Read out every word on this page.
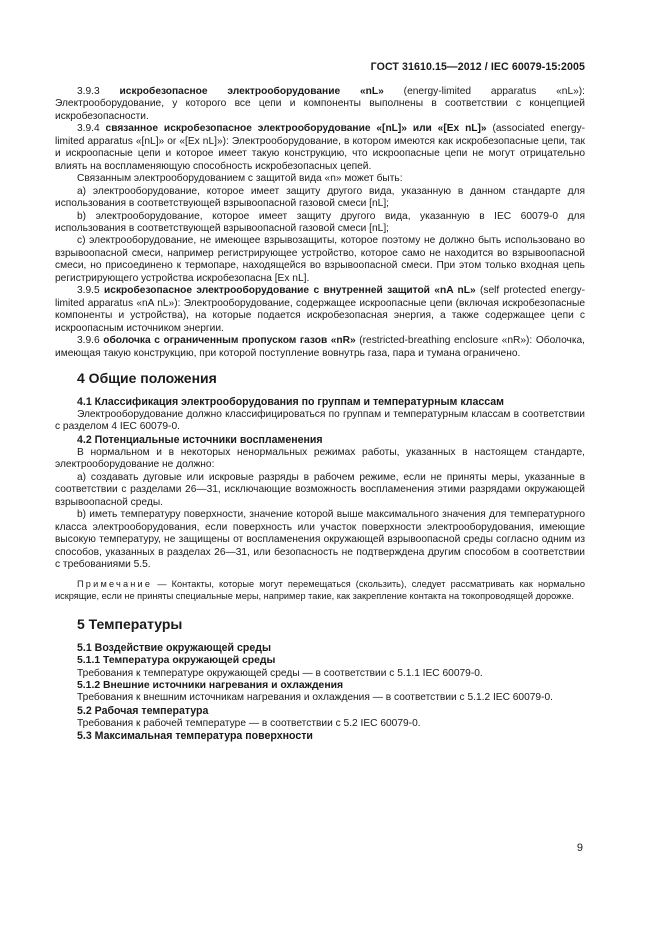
ГОСТ 31610.15—2012 / IEC 60079-15:2005

3.9.3 искробезопасное электрооборудование «nL» (energy-limited apparatus «nL»): Электрооборудование, у которого все цепи и компоненты выполнены в соответствии с концепцией искробезопасности.

3.9.4 связанное искробезопасное электрооборудование «[nL]» или «[Ex nL]» (associated energy-limited apparatus «[nL]» or «[Ex nL]»): Электрооборудование, в котором имеются как искробезопасные цепи, так и искроопасные цепи и которое имеет такую конструкцию, что искроопасные цепи не могут отрицательно влиять на воспламеняющую способность искробезопасных цепей.

Связанным электрооборудованием с защитой вида «n» может быть:

а) электрооборудование, которое имеет защиту другого вида, указанную в данном стандарте для использования в соответствующей взрывоопасной газовой смеси [nL];

b) электрооборудование, которое имеет защиту другого вида, указанную в IEC 60079-0 для использования в соответствующей взрывоопасной газовой смеси [nL];

с) электрооборудование, не имеющее взрывозащиты, которое поэтому не должно быть использовано во взрывоопасной смеси, например регистрирующее устройство, которое само не находится во взрывоопасной смеси, но присоединено к термопаре, находящейся во взрывоопасной смеси. При этом только входная цепь регистрирующего устройства искробезопасна [Ex nL].

3.9.5 искробезопасное электрооборудование с внутренней защитой «nA nL» (self protected energy-limited apparatus «nA nL»): Электрооборудование, содержащее искроопасные цепи (включая искробезопасные компоненты и устройства), на которые подается искробезопасная энергия, а также содержащее цепи с искроопасным источником энергии.

3.9.6 оболочка с ограниченным пропуском газов «nR» (restricted-breathing enclosure «nR»): Оболочка, имеющая такую конструкцию, при которой поступление вовнутрь газа, пара и тумана ограничено.

4 Общие положения

4.1 Классификация электрооборудования по группам и температурным классам

Электрооборудование должно классифицироваться по группам и температурным классам в соответствии с разделом 4 IEC 60079-0.

4.2 Потенциальные источники воспламенения

В нормальном и в некоторых ненормальных режимах работы, указанных в настоящем стандарте, электрооборудование не должно:

а) создавать дуговые или искровые разряды в рабочем режиме, если не приняты меры, указанные в соответствии с разделами 26—31, исключающие возможность воспламенения этими разрядами окружающей взрывоопасной среды.

b) иметь температуру поверхности, значение которой выше максимального значения для температурного класса электрооборудования, если поверхность или участок поверхности электрооборудования, имеющие высокую температуру, не защищены от воспламенения окружающей взрывоопасной среды согласно одним из способов, указанных в разделах 26—31, или безопасность не подтверждена другим способом в соответствии с требованиями 5.5.

Примечание — Контакты, которые могут перемещаться (скользить), следует рассматривать как нормально искрящие, если не приняты специальные меры, например такие, как закрепление контакта на токопроводящей дорожке.

5 Температуры

5.1 Воздействие окружающей среды

5.1.1 Температура окружающей среды

Требования к температуре окружающей среды — в соответствии с 5.1.1 IEC 60079-0.

5.1.2 Внешние источники нагревания и охлаждения

Требования к внешним источникам нагревания и охлаждения — в соответствии с 5.1.2 IEC 60079-0.

5.2 Рабочая температура

Требования к рабочей температуре — в соответствии с 5.2 IEC 60079-0.

5.3 Максимальная температура поверхности

9
